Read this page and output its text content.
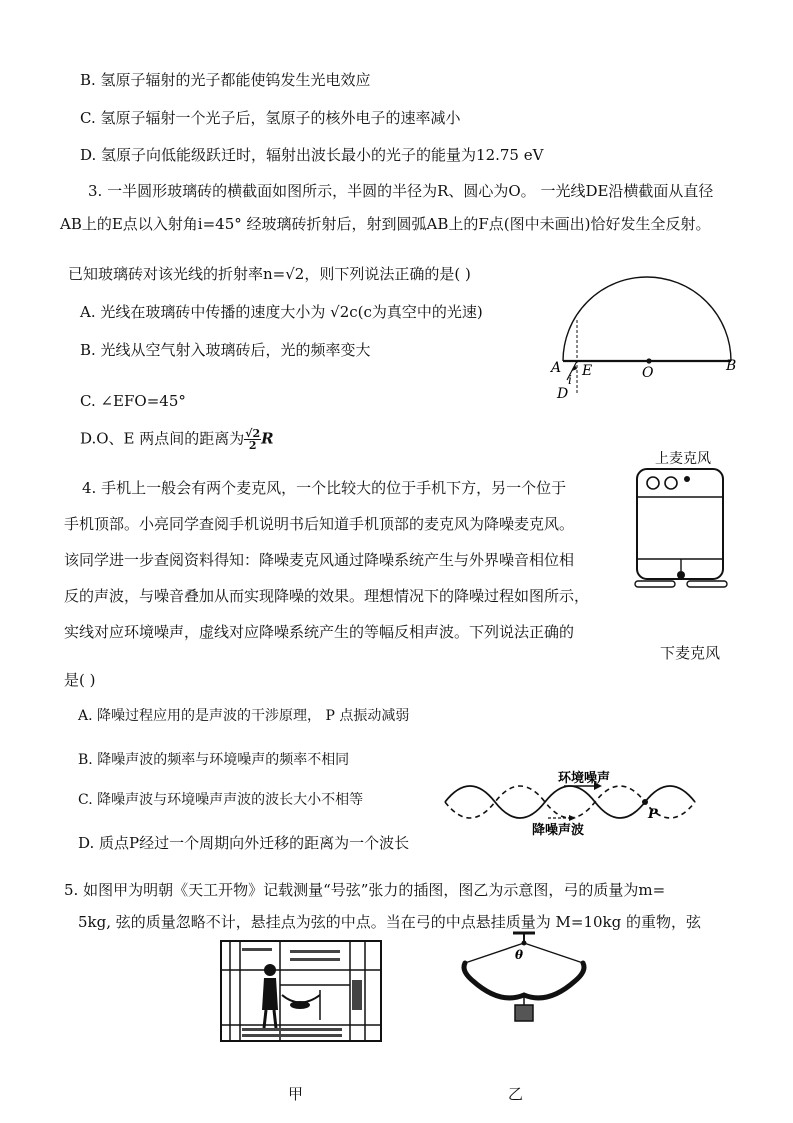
B. 氢原子辐射的光子都能使钨发生光电效应
C. 氢原子辐射一个光子后，氢原子的核外电子的速率减小
D. 氢原子向低能级跃迁时，辐射出波长最小的光子的能量为12.75 eV
3. 一半圆形玻璃砖的横截面如图所示，半圆的半径为R、圆心为O。 一光线DE沿横截面从直径
AB上的E点以入射角i=45° 经玻璃砖折射后，射到圆弧AB上的F点(图中未画出)恰好发生全反射。
已知玻璃砖对该光线的折射率n=√2，则下列说法正确的是( )
A. 光线在玻璃砖中传播的速度大小为 √2c(c为真空中的光速)
B. 光线从空气射入玻璃砖后，光的频率变大
C. ∠EFO=45°
D.O、E 两点间的距离为 $\frac{√2}{2}$ R
A E	O	B
D
i
4. 手机上一般会有两个麦克风，一个比较大的位于手机下方，另一个位于
手机顶部。小亮同学查阅手机说明书后知道手机顶部的麦克风为降噪麦克风。
该同学进一步查阅资料得知：降噪麦克风通过降噪系统产生与外界噪音相位相
反的声波，与噪音叠加从而实现降噪的效果。理想情况下的降噪过程如图所示，
实线对应环境噪声，虚线对应降噪系统产生的等幅反相声波。下列说法正确的
是( )
A. 降噪过程应用的是声波的干涉原理， P 点振动减弱
B. 降噪声波的频率与环境噪声的频率不相同
C. 降噪声波与环境噪声声波的波长大小不相等
D. 质点P经过一个周期向外迁移的距离为一个波长
上麦克风
下麦克风
环境噪声
降噪声波
P
5. 如图甲为明朝《天工开物》记载测量“号弦”张力的插图，图乙为示意图，弓的质量为m=
5kg, 弦的质量忽略不计，悬挂点为弦的中点。当在弓的中点悬挂质量为 M=10kg 的重物，弦
θ
甲	乙
